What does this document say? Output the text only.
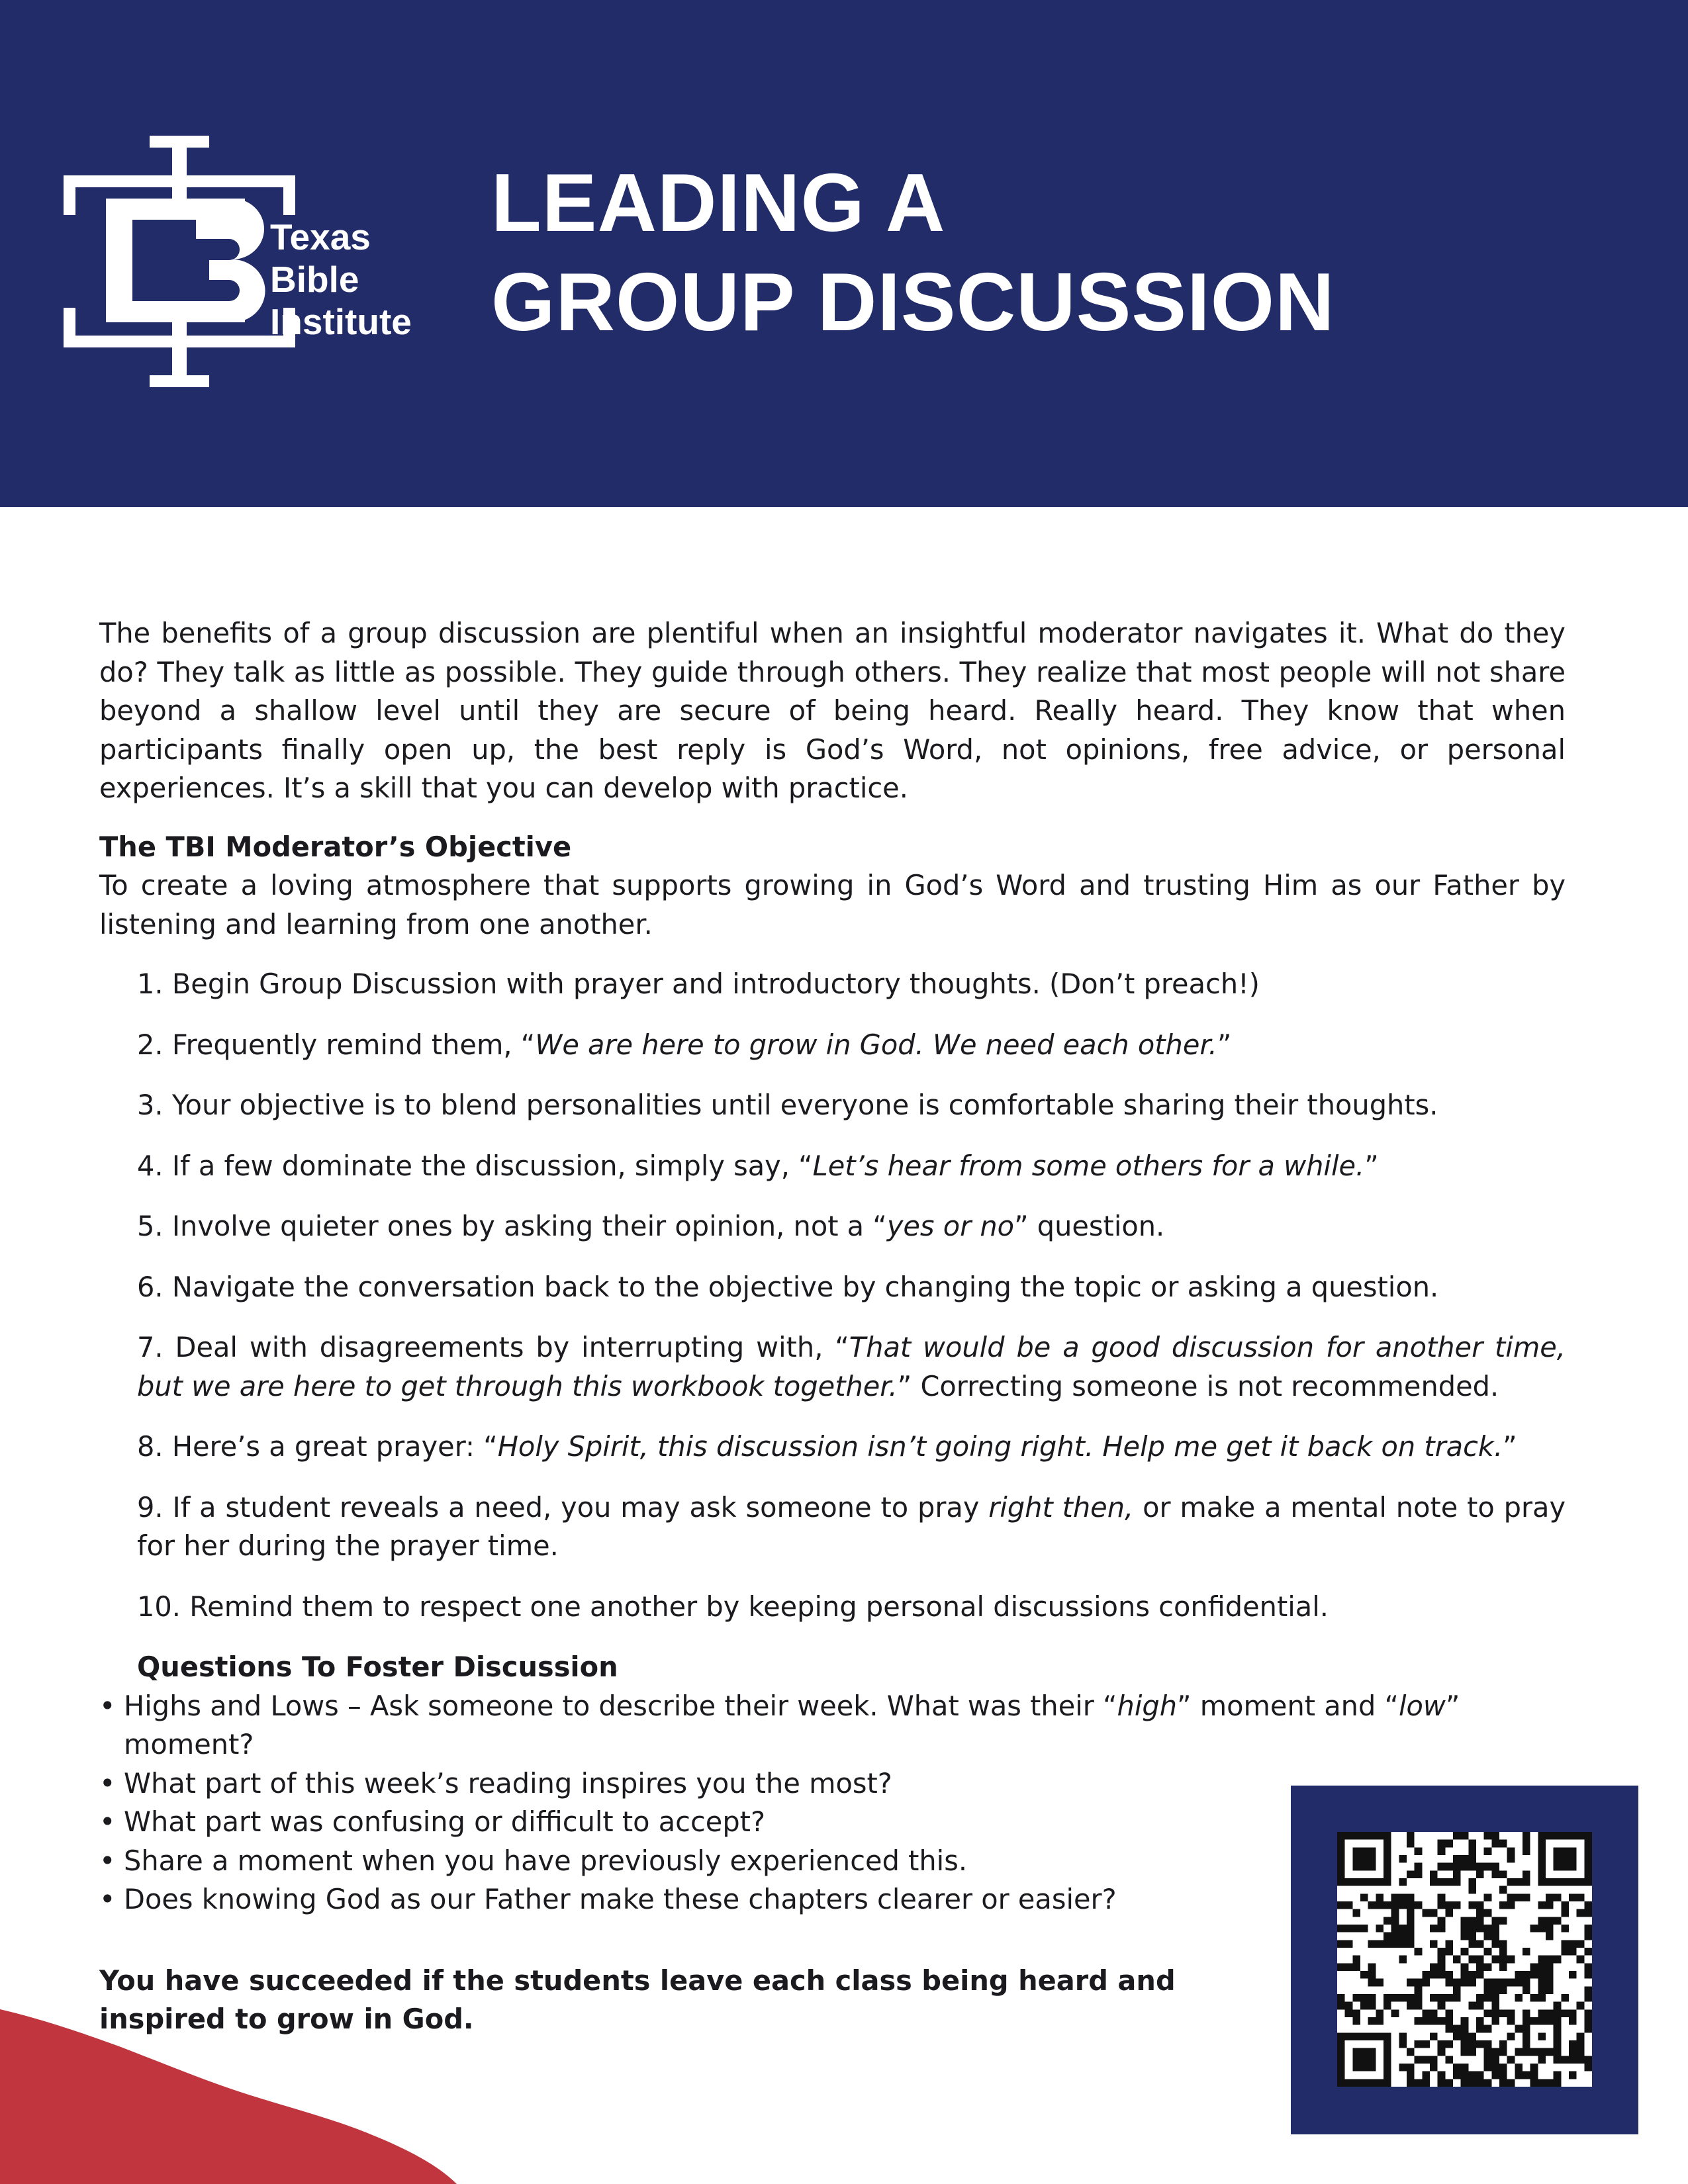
Texas
Bible
Institute
LEADING A
GROUP DISCUSSION

The benefits of a group discussion are plentiful when an insightful moderator navigates it. What do they do? They talk as little as possible. They guide through others. They realize that most people will not share beyond a shallow level until they are secure of being heard. Really heard. They know that when participants finally open up, the best reply is God’s Word, not opinions, free advice, or personal experiences. It’s a skill that you can develop with practice.

The TBI Moderator’s Objective

To create a loving atmosphere that supports growing in God’s Word and trusting Him as our Father by listening and learning from one another.

1. Begin Group Discussion with prayer and introductory thoughts. (Don’t preach!)
2. Frequently remind them, “We are here to grow in God. We need each other.”
3. Your objective is to blend personalities until everyone is comfortable sharing their thoughts.
4. If a few dominate the discussion, simply say, “Let’s hear from some others for a while.”
5. Involve quieter ones by asking their opinion, not a “yes or no” question.
6. Navigate the conversation back to the objective by changing the topic or asking a question.
7. Deal with disagreements by interrupting with, “That would be a good discussion for another time, but we are here to get through this workbook together.” Correcting someone is not recommended.
8. Here’s a great prayer: “Holy Spirit, this discussion isn’t going right. Help me get it back on track.”
9. If a student reveals a need, you may ask someone to pray right then, or make a mental note to pray for her during the prayer time.
10. Remind them to respect one another by keeping personal discussions confidential.

Questions To Foster Discussion

• Highs and Lows – Ask someone to describe their week. What was their “high” moment and “low” moment?
• What part of this week’s reading inspires you the most?
• What part was confusing or difficult to accept?
• Share a moment when you have previously experienced this.
• Does knowing God as our Father make these chapters clearer or easier?

You have succeeded if the students leave each class being heard and inspired to grow in God.
